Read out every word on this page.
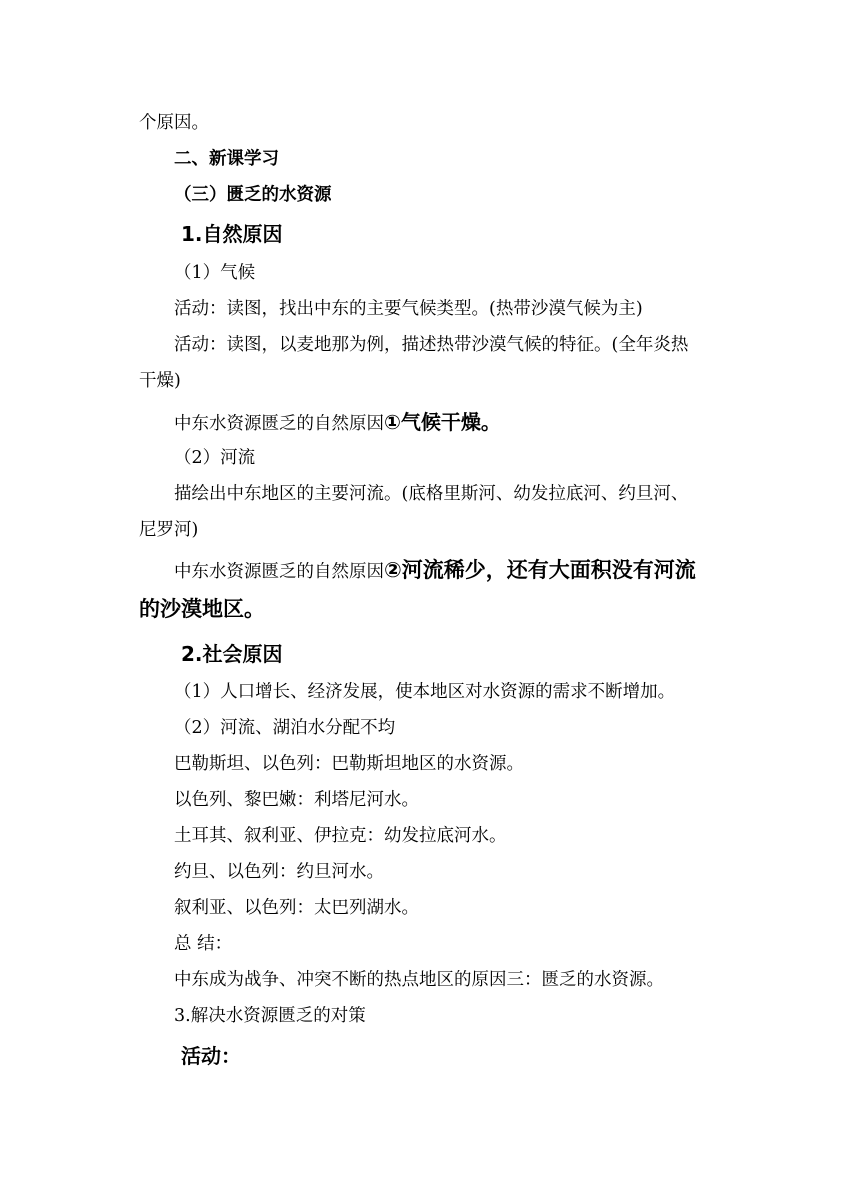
个原因。
二、新课学习
（三）匮乏的水资源
1.自然原因
（1）气候
活动：读图，找出中东的主要气候类型。(热带沙漠气候为主)
活动：读图，以麦地那为例，描述热带沙漠气候的特征。(全年炎热
干燥)
中东水资源匮乏的自然原因①气候干燥。
（2）河流
描绘出中东地区的主要河流。(底格里斯河、幼发拉底河、约旦河、
尼罗河)
中东水资源匮乏的自然原因②河流稀少，还有大面积没有河流
的沙漠地区。
2.社会原因
（1）人口增长、经济发展，使本地区对水资源的需求不断增加。
（2）河流、湖泊水分配不均
巴勒斯坦、以色列：巴勒斯坦地区的水资源。
以色列、黎巴嫩：利塔尼河水。
土耳其、叙利亚、伊拉克：幼发拉底河水。
约旦、以色列：约旦河水。
叙利亚、以色列：太巴列湖水。
总 结：
中东成为战争、冲突不断的热点地区的原因三：匮乏的水资源。
3.解决水资源匮乏的对策
活动：
